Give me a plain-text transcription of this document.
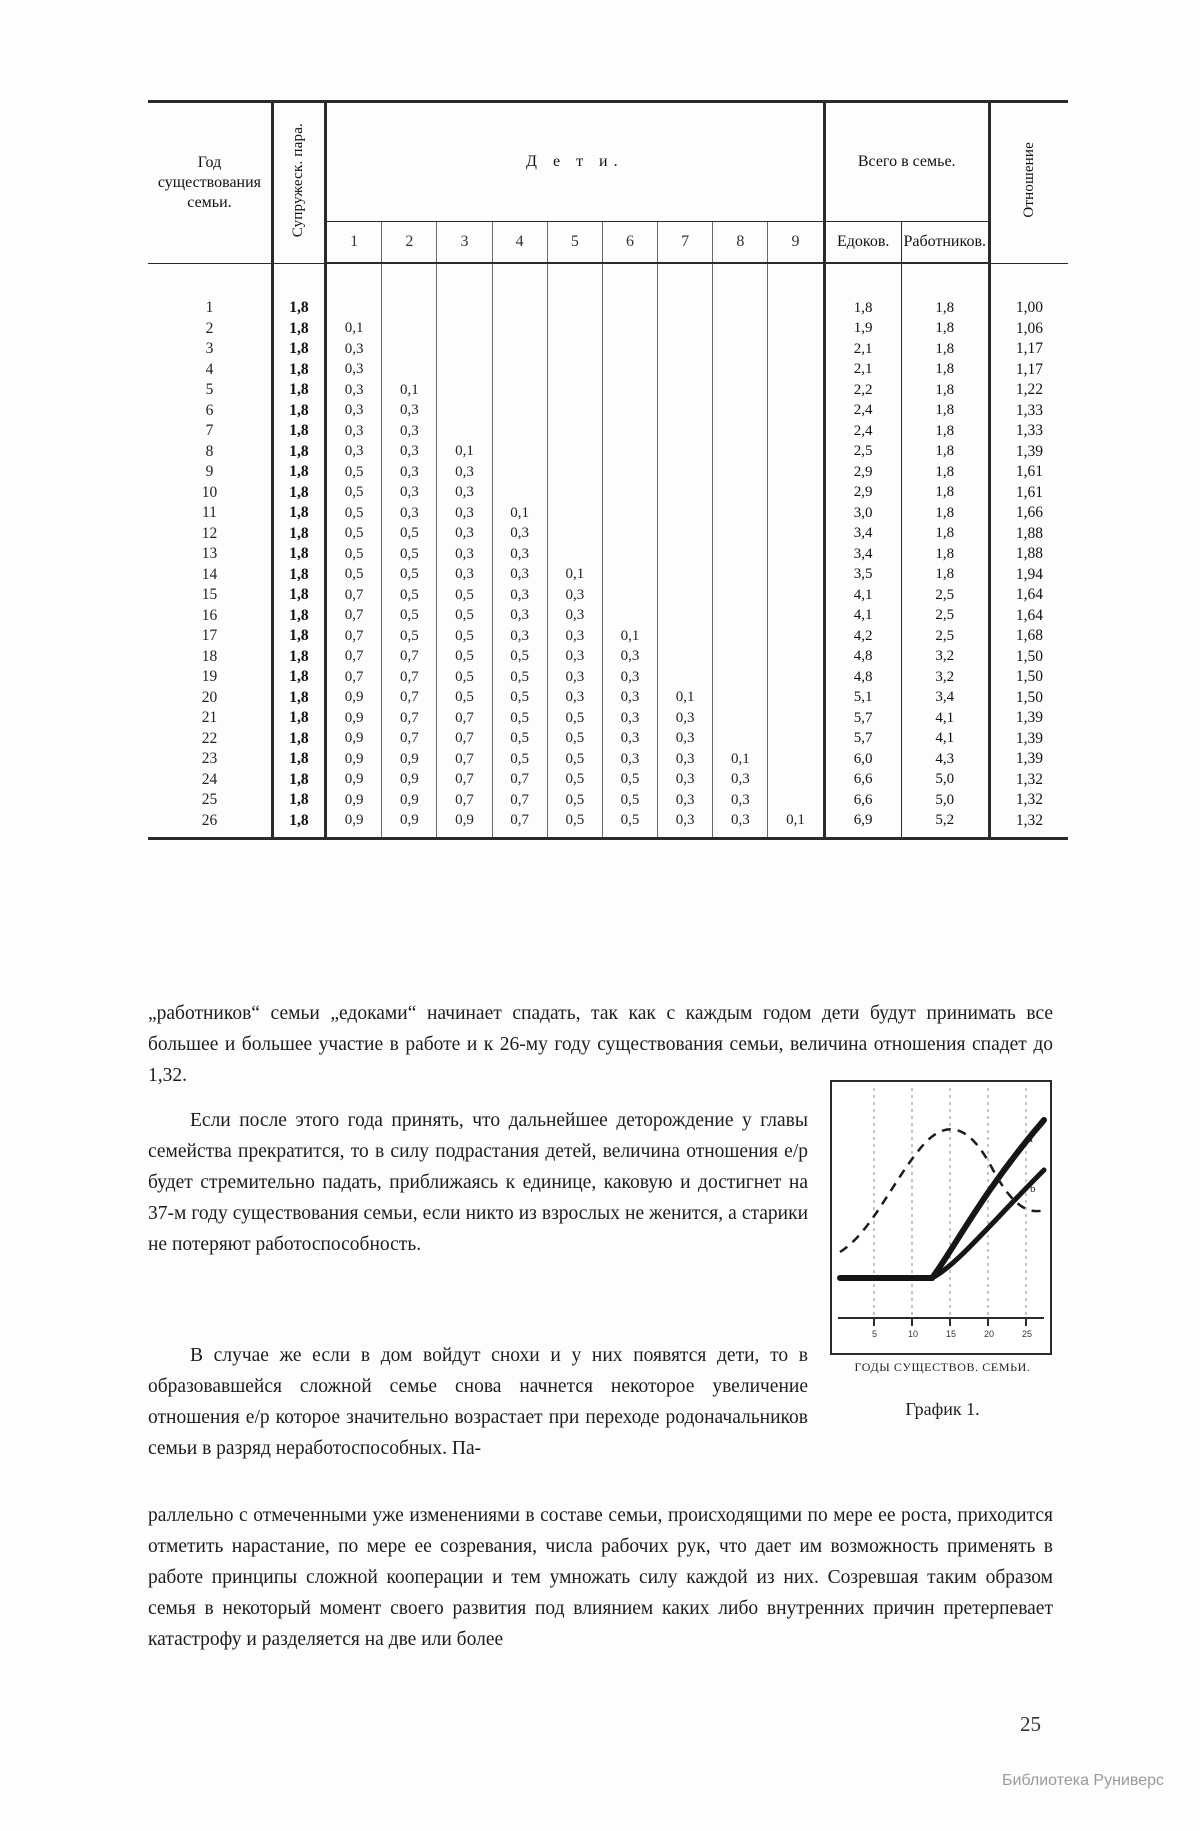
Год существования семьи.	Супружеск. пара.	Д е т и.									Всего в семье.		Отношение
		1	2	3	4	5	6	7	8	9	Едоков.	Работников.	
1	1,8										1,8	1,8	1,00
2	1,8	0,1									1,9	1,8	1,06
3	1,8	0,3									2,1	1,8	1,17
4	1,8	0,3									2,1	1,8	1,17
5	1,8	0,3	0,1								2,2	1,8	1,22
6	1,8	0,3	0,3								2,4	1,8	1,33
7	1,8	0,3	0,3								2,4	1,8	1,33
8	1,8	0,3	0,3	0,1							2,5	1,8	1,39
9	1,8	0,5	0,3	0,3							2,9	1,8	1,61
10	1,8	0,5	0,3	0,3							2,9	1,8	1,61
11	1,8	0,5	0,3	0,3	0,1						3,0	1,8	1,66
12	1,8	0,5	0,5	0,3	0,3						3,4	1,8	1,88
13	1,8	0,5	0,5	0,3	0,3						3,4	1,8	1,88
14	1,8	0,5	0,5	0,3	0,3	0,1					3,5	1,8	1,94
15	1,8	0,7	0,5	0,5	0,3	0,3					4,1	2,5	1,64
16	1,8	0,7	0,5	0,5	0,3	0,3					4,1	2,5	1,64
17	1,8	0,7	0,5	0,5	0,3	0,3	0,1				4,2	2,5	1,68
18	1,8	0,7	0,7	0,5	0,5	0,3	0,3				4,8	3,2	1,50
19	1,8	0,7	0,7	0,5	0,5	0,3	0,3				4,8	3,2	1,50
20	1,8	0,9	0,7	0,5	0,5	0,3	0,3	0,1			5,1	3,4	1,50
21	1,8	0,9	0,7	0,7	0,5	0,5	0,3	0,3			5,7	4,1	1,39
22	1,8	0,9	0,7	0,7	0,5	0,5	0,3	0,3			5,7	4,1	1,39
23	1,8	0,9	0,9	0,7	0,5	0,5	0,3	0,3	0,1		6,0	4,3	1,39
24	1,8	0,9	0,9	0,7	0,7	0,5	0,5	0,3	0,3		6,6	5,0	1,32
25	1,8	0,9	0,9	0,7	0,7	0,5	0,5	0,3	0,3		6,6	5,0	1,32
26	1,8	0,9	0,9	0,9	0,7	0,5	0,5	0,3	0,3	0,1	6,9	5,2	1,32

„работников“ семьи „едоками“ начинает спадать, так как с каждым годом дети будут принимать все большее и большее участие в работе и к 26-му году существования семьи, величина отношения спадет до 1,32.

Если после этого года принять, что дальнейшее деторождение у главы семейства прекратится, то в силу подрастания детей, величина отношения e/p будет стремительно падать, приближаясь к единице, каковую и достигнет на 37-м году существования семьи, если никто из взрослых не женится, а старики не потеряют работоспособность.

В случае же если в дом войдут снохи и у них появятся дети, то в образовавшейся сложной семье снова начнется некоторое увеличение отношения e/p которое значительно возрастает при переходе родоначальников семьи в разряд неработоспособных. Па-

раллельно с отмеченными уже изменениями в составе семьи, происходящими по мере ее роста, приходится отметить нарастание, по мере ее созревания, числа рабочих рук, что дает им возможность применять в работе принципы сложной кооперации и тем умножать силу каждой из них. Созревшая таким образом семья в некоторый момент своего развития под влиянием каких либо внутренних причин претерпевает катастрофу и разделяется на две или более

5	10	15	20	25
a
b
ГОДЫ СУЩЕСТВОВ. СЕМЬИ.
График 1.
25
Библиотека Руниверс
